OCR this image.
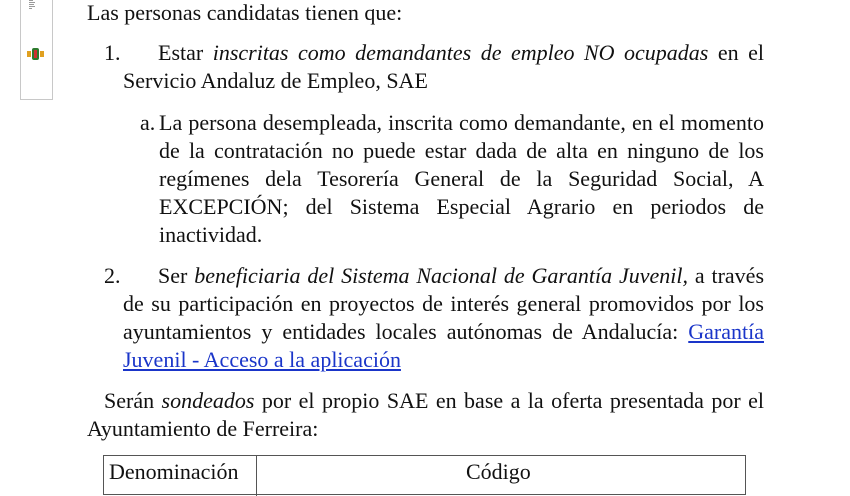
Las personas candidatas tienen que:

1.	Estar inscritas como demandantes de empleo NO ocupadas en el Servicio Andaluz de Empleo, SAE

a. La persona desempleada, inscrita como demandante, en el momento de la contratación no puede estar dada de alta en ninguno de los regímenes dela Tesorería General de la Seguridad Social, A EXCEPCIÓN; del Sistema Especial Agrario en periodos de inactividad.

2.	Ser beneficiaria del Sistema Nacional de Garantía Juvenil, a través de su participación en proyectos de interés general promovidos por los ayuntamientos y entidades locales autónomas de Andalucía: Garantía Juvenil - Acceso a la aplicación

Serán sondeados por el propio SAE en base a la oferta presentada por el Ayuntamiento de Ferreira:

Denominación	Código
